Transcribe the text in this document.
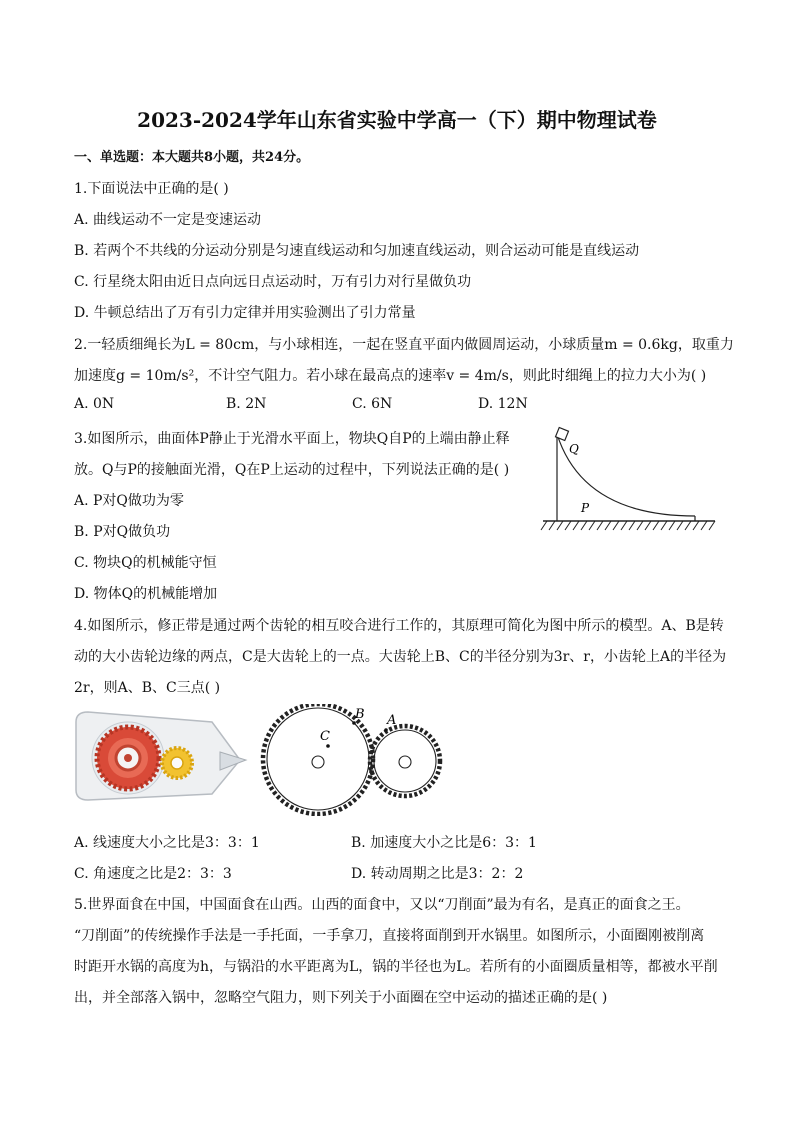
2023-2024学年山东省实验中学高一（下）期中物理试卷
一、单选题：本大题共8小题，共24分。
1.下面说法中正确的是( )
A. 曲线运动不一定是变速运动
B. 若两个不共线的分运动分别是匀速直线运动和匀加速直线运动，则合运动可能是直线运动
C. 行星绕太阳由近日点向远日点运动时，万有引力对行星做负功
D. 牛顿总结出了万有引力定律并用实验测出了引力常量
2.一轻质细绳长为L = 80cm，与小球相连，一起在竖直平面内做圆周运动，小球质量m = 0.6kg，取重力
加速度g = 10m/s²，不计空气阻力。若小球在最高点的速率v = 4m/s，则此时细绳上的拉力大小为( )
A. 0N	B. 2N	C. 6N	D. 12N
3.如图所示，曲面体P静止于光滑水平面上，物块Q自P的上端由静止释
放。Q与P的接触面光滑，Q在P上运动的过程中，下列说法正确的是( )
A. P对Q做功为零
B. P对Q做负功
C. 物块Q的机械能守恒
D. 物体Q的机械能增加
Q
P
4.如图所示，修正带是通过两个齿轮的相互咬合进行工作的，其原理可简化为图中所示的模型。A、B是转
动的大小齿轮边缘的两点，C是大齿轮上的一点。大齿轮上B、C的半径分别为3r、r，小齿轮上A的半径为
2r，则A、B、C三点( )
C
B A
A. 线速度大小之比是3：3：1	B. 加速度大小之比是6：3：1
C. 角速度之比是2：3：3	D. 转动周期之比是3：2：2
5.世界面食在中国，中国面食在山西。山西的面食中，又以“刀削面”最为有名，是真正的面食之王。
“刀削面”的传统操作手法是一手托面，一手拿刀，直接将面削到开水锅里。如图所示，小面圈刚被削离
时距开水锅的高度为h，与锅沿的水平距离为L，锅的半径也为L。若所有的小面圈质量相等，都被水平削
出，并全部落入锅中，忽略空气阻力，则下列关于小面圈在空中运动的描述正确的是( )
